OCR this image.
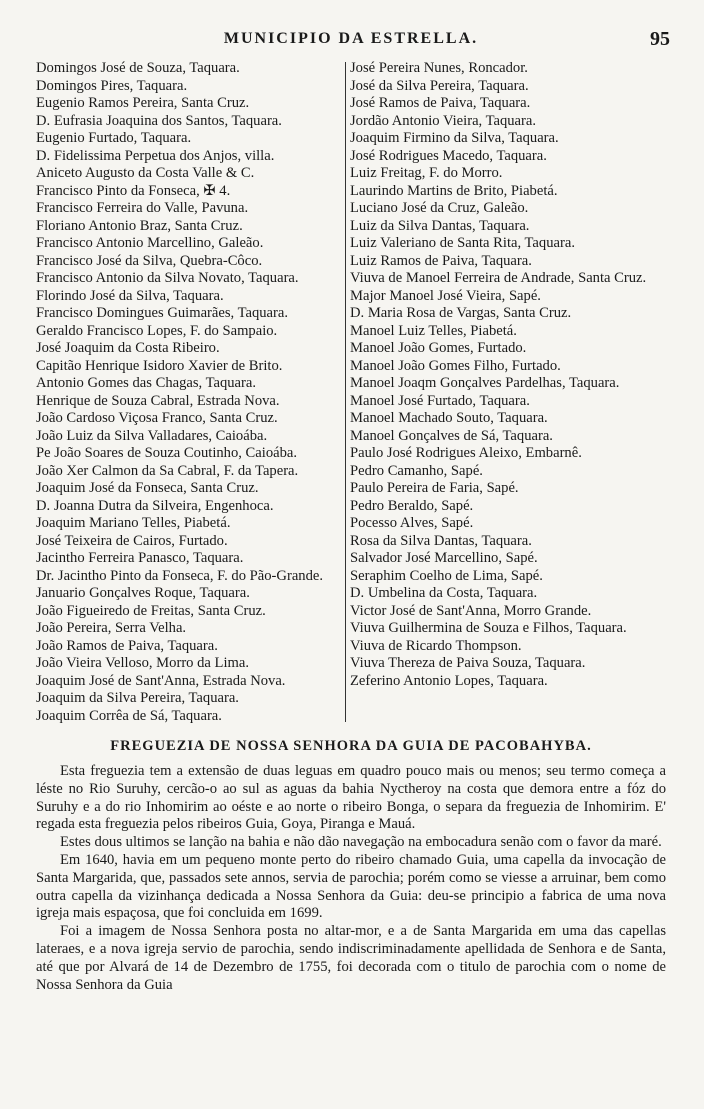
MUNICIPIO DA ESTRELLA.	95
Domingos José de Souza, Taquara.
Domingos Pires, Taquara.
Eugenio Ramos Pereira, Santa Cruz.
D. Eufrasia Joaquina dos Santos, Taquara.
Eugenio Furtado, Taquara.
D. Fidelissima Perpetua dos Anjos, villa.
Aniceto Augusto da Costa Valle & C.
Francisco Pinto da Fonseca, ✠ 4.
Francisco Ferreira do Valle, Pavuna.
Floriano Antonio Braz, Santa Cruz.
Francisco Antonio Marcellino, Galeão.
Francisco José da Silva, Quebra-Côco.
Francisco Antonio da Silva Novato, Taquara.
Florindo José da Silva, Taquara.
Francisco Domingues Guimarães, Taquara.
Geraldo Francisco Lopes, F. do Sampaio.
José Joaquim da Costa Ribeiro.
Capitão Henrique Isidoro Xavier de Brito.
Antonio Gomes das Chagas, Taquara.
Henrique de Souza Cabral, Estrada Nova.
João Cardoso Viçosa Franco, Santa Cruz.
João Luiz da Silva Valladares, Caioába.
Pe João Soares de Souza Coutinho, Caioába.
João Xer Calmon da Sa Cabral, F. da Tapera.
Joaquim José da Fonseca, Santa Cruz.
D. Joanna Dutra da Silveira, Engenhoca.
Joaquim Mariano Telles, Piabetá.
José Teixeira de Cairos, Furtado.
Jacintho Ferreira Panasco, Taquara.
Dr. Jacintho Pinto da Fonseca, F. do Pão-Grande.
Januario Gonçalves Roque, Taquara.
João Figueiredo de Freitas, Santa Cruz.
João Pereira, Serra Velha.
João Ramos de Paiva, Taquara.
João Vieira Velloso, Morro da Lima.
Joaquim José de Sant'Anna, Estrada Nova.
Joaquim da Silva Pereira, Taquara.
Joaquim Corrêa de Sá, Taquara.
José Pereira Nunes, Roncador.
José da Silva Pereira, Taquara.
José Ramos de Paiva, Taquara.
Jordão Antonio Vieira, Taquara.
Joaquim Firmino da Silva, Taquara.
José Rodrigues Macedo, Taquara.
Luiz Freitag, F. do Morro.
Laurindo Martins de Brito, Piabetá.
Luciano José da Cruz, Galeão.
Luiz da Silva Dantas, Taquara.
Luiz Valeriano de Santa Rita, Taquara.
Luiz Ramos de Paiva, Taquara.
Viuva de Manoel Ferreira de Andrade, Santa Cruz.
Major Manoel José Vieira, Sapé.
D. Maria Rosa de Vargas, Santa Cruz.
Manoel Luiz Telles, Piabetá.
Manoel João Gomes, Furtado.
Manoel João Gomes Filho, Furtado.
Manoel Joaqm Gonçalves Pardelhas, Taquara.
Manoel José Furtado, Taquara.
Manoel Machado Souto, Taquara.
Manoel Gonçalves de Sá, Taquara.
Paulo José Rodrigues Aleixo, Embarnê.
Pedro Camanho, Sapé.
Paulo Pereira de Faria, Sapé.
Pedro Beraldo, Sapé.
Pocesso Alves, Sapé.
Rosa da Silva Dantas, Taquara.
Salvador José Marcellino, Sapé.
Seraphim Coelho de Lima, Sapé.
D. Umbelina da Costa, Taquara.
Victor José de Sant'Anna, Morro Grande.
Viuva Guilhermina de Souza e Filhos, Taquara.
Viuva de Ricardo Thompson.
Viuva Thereza de Paiva Souza, Taquara.
Zeferino Antonio Lopes, Taquara.
FREGUEZIA DE NOSSA SENHORA DA GUIA DE PACOBAHYBA.

Esta freguezia tem a extensão de duas leguas em quadro pouco mais ou menos; seu termo começa a léste no Rio Suruhy, cercão-o ao sul as aguas da bahia Nyctheroy na costa que demora entre a fóz do Suruhy e a do rio Inhomirim ao oéste e ao norte o ribeiro Bonga, o separa da freguezia de Inhomirim. E' regada esta freguezia pelos ribeiros Guia, Goya, Piranga e Mauá.

Estes dous ultimos se lanção na bahia e não dão navegação na embocadura senão com o favor da maré.

Em 1640, havia em um pequeno monte perto do ribeiro chamado Guia, uma capella da invocação de Santa Margarida, que, passados sete annos, servia de parochia; porém como se viesse a arruinar, bem como outra capella da vizinhança dedicada a Nossa Senhora da Guia: deu-se principio a fabrica de uma nova igreja mais espaçosa, que foi concluida em 1699.

Foi a imagem de Nossa Senhora posta no altar-mor, e a de Santa Margarida em uma das capellas lateraes, e a nova igreja servio de parochia, sendo indiscriminadamente apellidada de Senhora e de Santa, até que por Alvará de 14 de Dezembro de 1755, foi decorada com o titulo de parochia com o nome de Nossa Senhora da Guia
